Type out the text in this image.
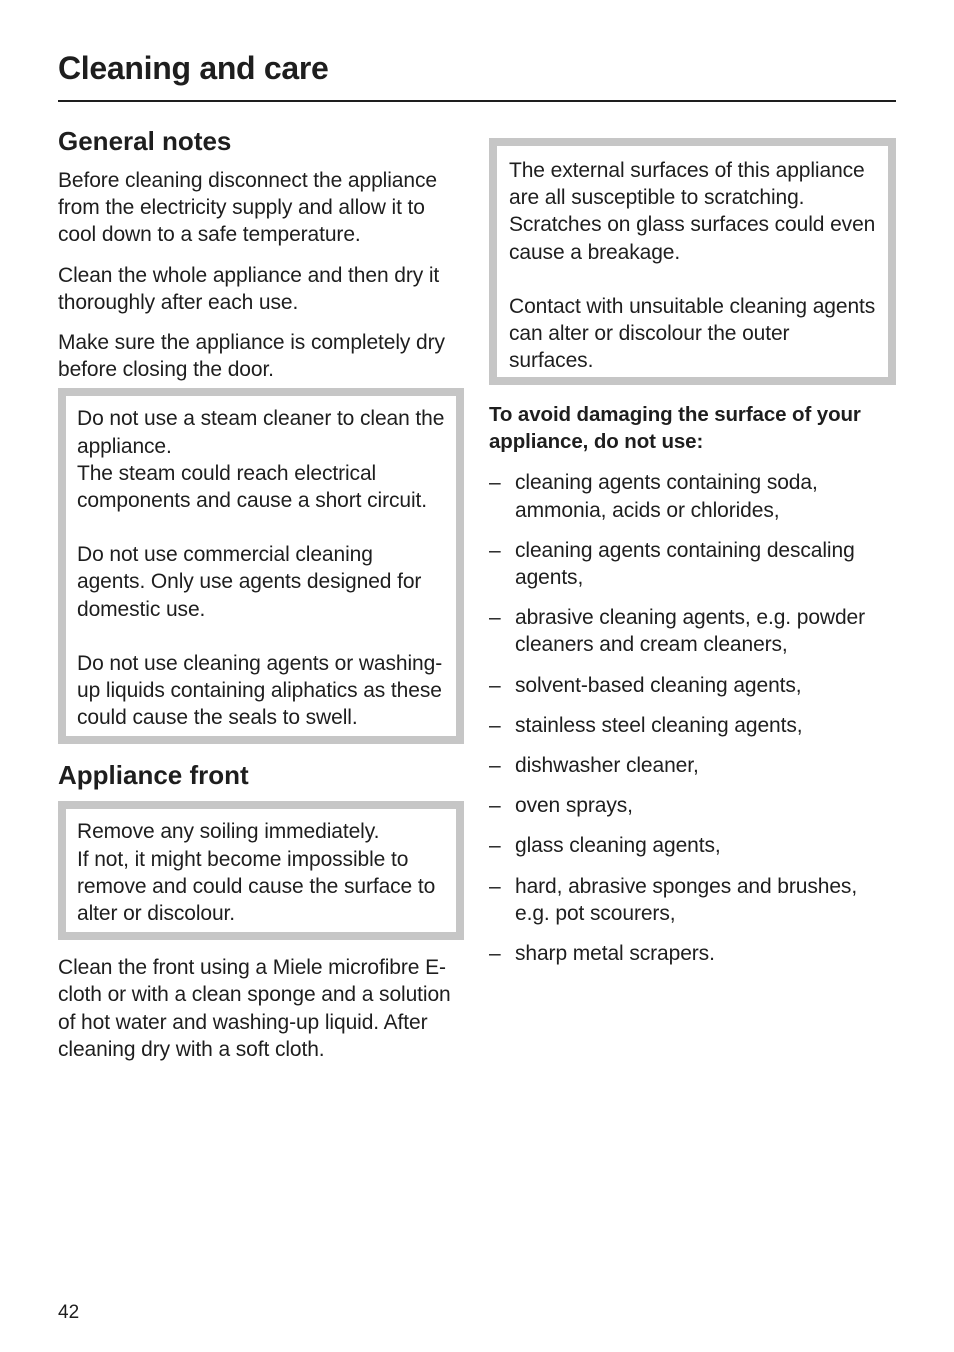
Cleaning and care
General notes

Before cleaning disconnect the appliance from the electricity supply and allow it to cool down to a safe temperature.

Clean the whole appliance and then dry it thoroughly after each use.

Make sure the appliance is completely dry before closing the door.

Do not use a steam cleaner to clean the appliance.
The steam could reach electrical components and cause a short circuit.

Do not use commercial cleaning agents. Only use agents designed for domestic use.

Do not use cleaning agents or washing-up liquids containing aliphatics as these could cause the seals to swell.

Appliance front

Remove any soiling immediately.
If not, it might become impossible to remove and could cause the surface to alter or discolour.

Clean the front using a Miele microfibre E-cloth or with a clean sponge and a solution of hot water and washing-up liquid. After cleaning dry with a soft cloth.

The external surfaces of this appliance are all susceptible to scratching. Scratches on glass surfaces could even cause a breakage.

Contact with unsuitable cleaning agents can alter or discolour the outer surfaces.

To avoid damaging the surface of your appliance, do not use:

– cleaning agents containing soda, ammonia, acids or chlorides,

– cleaning agents containing descaling agents,

– abrasive cleaning agents, e.g. powder cleaners and cream cleaners,

– solvent-based cleaning agents,

– stainless steel cleaning agents,

– dishwasher cleaner,

– oven sprays,

– glass cleaning agents,

– hard, abrasive sponges and brushes, e.g. pot scourers,

– sharp metal scrapers.

42
